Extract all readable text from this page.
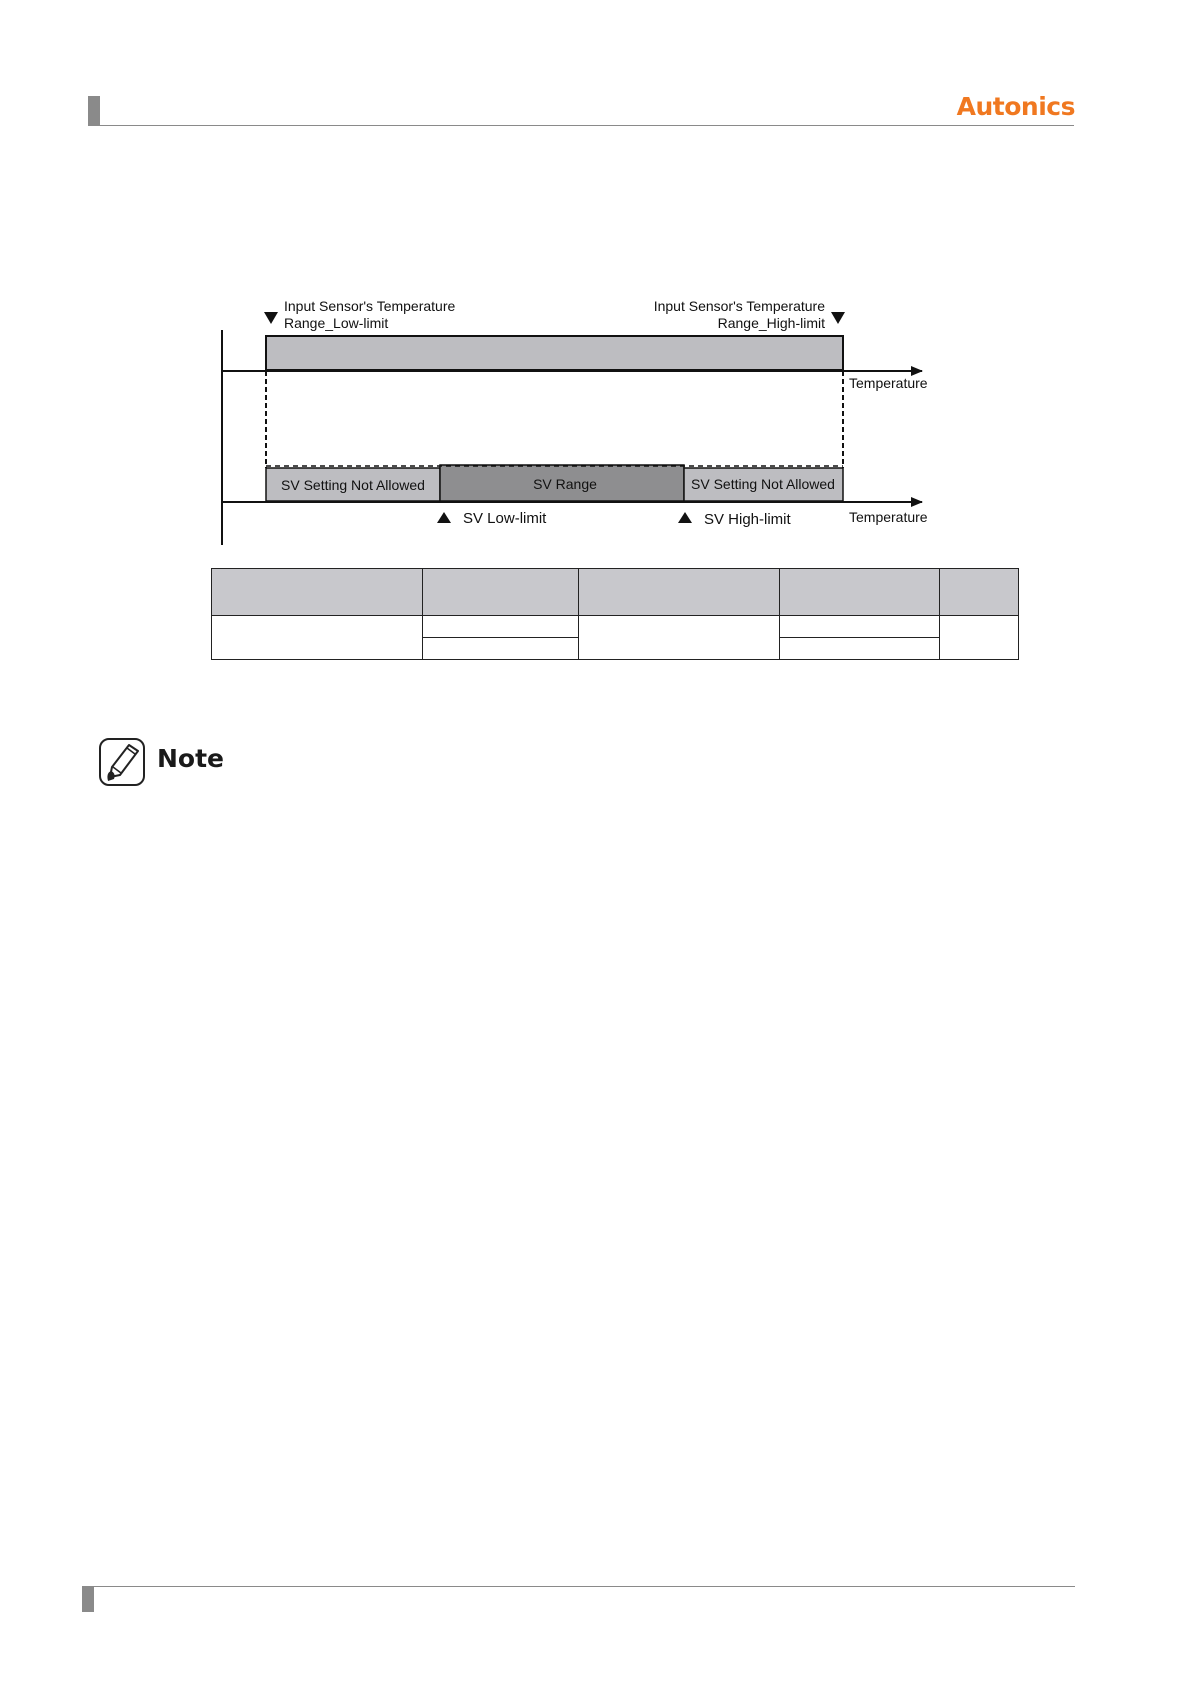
Autonics
Input Sensor's Temperature
Range_Low-limit
Input Sensor's Temperature
Range_High-limit
Temperature
Temperature
SV Setting Not Allowed	SV Range	SV Setting Not Allowed
SV Low-limit	SV High-limit

Note
